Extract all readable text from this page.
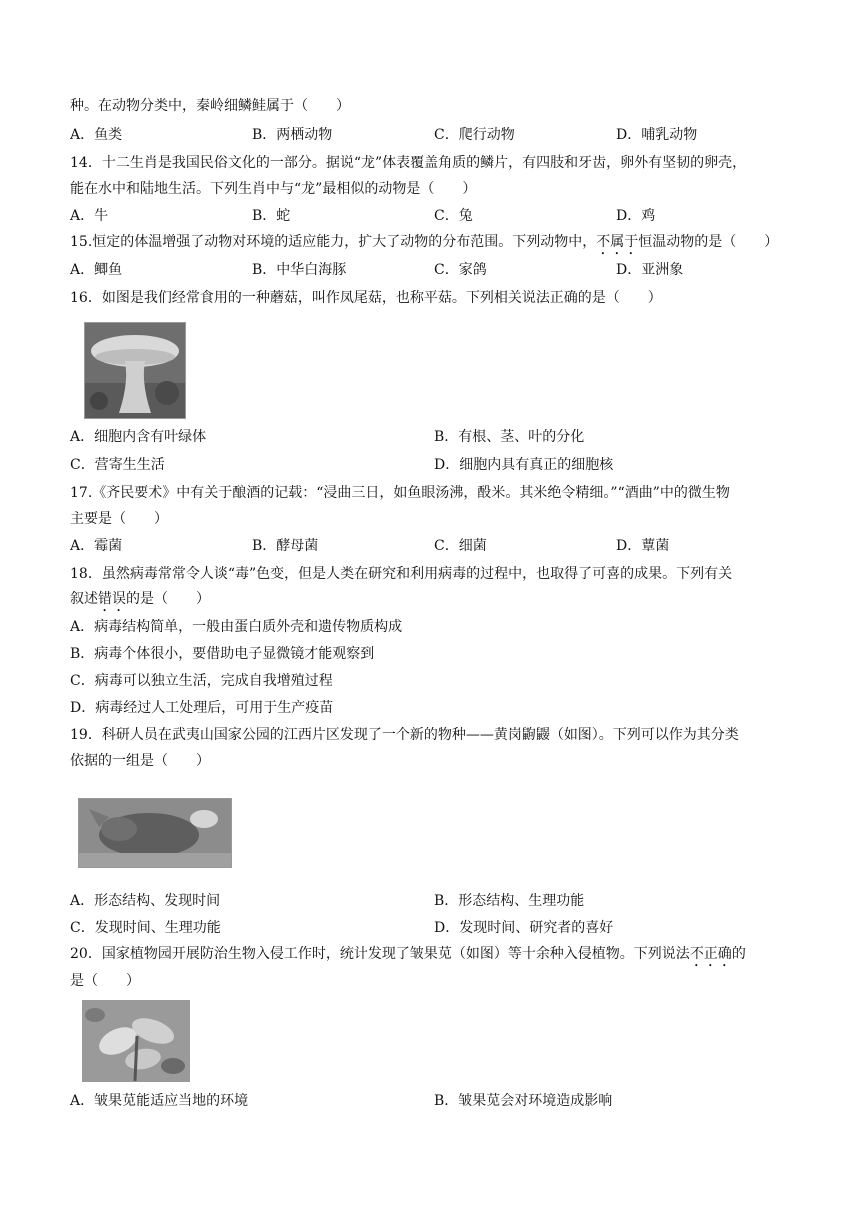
种。在动物分类中，秦岭细鳞鲑属于（　　）
A．鱼类	B．两栖动物	C．爬行动物	D．哺乳动物
14．十二生肖是我国民俗文化的一部分。据说“龙”体表覆盖角质的鳞片，有四肢和牙齿，卵外有坚韧的卵壳，
能在水中和陆地生活。下列生肖中与“龙”最相似的动物是（　　）
A．牛	B．蛇	C．兔	D．鸡
15.恒定的体温增强了动物对环境的适应能力，扩大了动物的分布范围。下列动物中，不属于恒温动物的是（　　）
A．鲫鱼	B．中华白海豚	C．家鸽	D．亚洲象
16．如图是我们经常食用的一种蘑菇，叫作凤尾菇，也称平菇。下列相关说法正确的是（　　）
A．细胞内含有叶绿体	B．有根、茎、叶的分化
C．营寄生生活	D．细胞内具有真正的细胞核
17.《齐民要术》中有关于酿酒的记载：“浸曲三日，如鱼眼汤沸，酘米。其米绝令精细。”“酒曲”中的微生物
主要是（　　）
A．霉菌	B．酵母菌	C．细菌	D．蕈菌
18．虽然病毒常常令人谈“毒”色变，但是人类在研究和利用病毒的过程中，也取得了可喜的成果。下列有关
叙述错误的是（　　）
A．病毒结构简单，一般由蛋白质外壳和遗传物质构成
B．病毒个体很小，要借助电子显微镜才能观察到
C．病毒可以独立生活，完成自我增殖过程
D．病毒经过人工处理后，可用于生产疫苗
19．科研人员在武夷山国家公园的江西片区发现了一个新的物种——黄岗鼩鼹（如图）。下列可以作为其分类
依据的一组是（　　）
A．形态结构、发现时间	B．形态结构、生理功能
C．发现时间、生理功能	D．发现时间、研究者的喜好
20．国家植物园开展防治生物入侵工作时，统计发现了皱果苋（如图）等十余种入侵植物。下列说法不正确的
是（　　）
A．皱果苋能适应当地的环境	B．皱果苋会对环境造成影响
